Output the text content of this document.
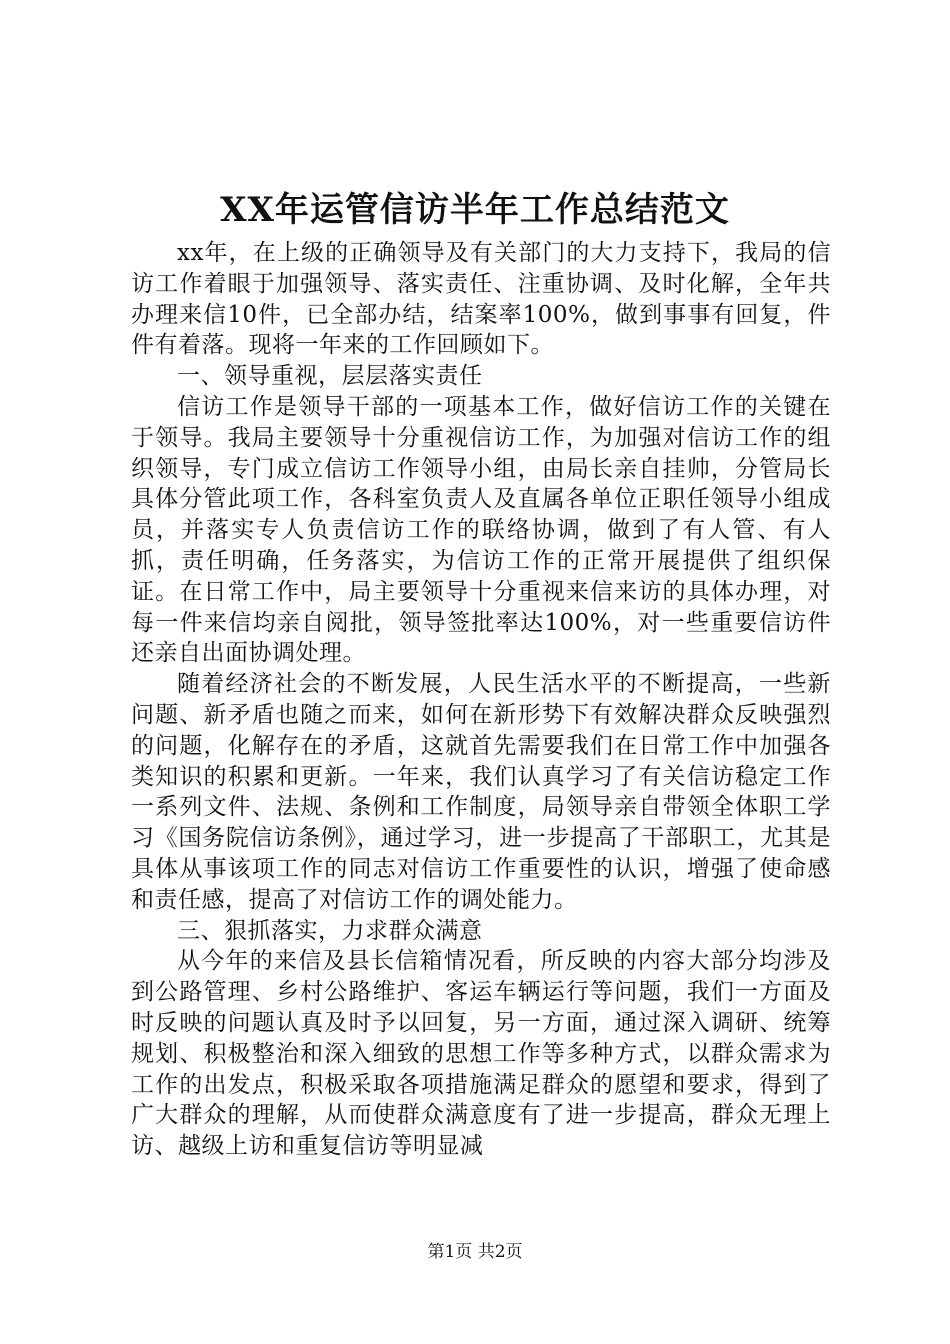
XX年运管信访半年工作总结范文

xx年，在上级的正确领导及有关部门的大力支持下，我局的信访工作着眼于加强领导、落实责任、注重协调、及时化解，全年共办理来信10件，已全部办结，结案率100%，做到事事有回复，件件有着落。现将一年来的工作回顾如下。

一、领导重视，层层落实责任

信访工作是领导干部的一项基本工作，做好信访工作的关键在于领导。我局主要领导十分重视信访工作，为加强对信访工作的组织领导，专门成立信访工作领导小组，由局长亲自挂帅，分管局长具体分管此项工作，各科室负责人及直属各单位正职任领导小组成员，并落实专人负责信访工作的联络协调，做到了有人管、有人抓，责任明确，任务落实，为信访工作的正常开展提供了组织保证。在日常工作中，局主要领导十分重视来信来访的具体办理，对每一件来信均亲自阅批，领导签批率达100%，对一些重要信访件还亲自出面协调处理。

随着经济社会的不断发展，人民生活水平的不断提高，一些新问题、新矛盾也随之而来，如何在新形势下有效解决群众反映强烈的问题，化解存在的矛盾，这就首先需要我们在日常工作中加强各类知识的积累和更新。一年来，我们认真学习了有关信访稳定工作一系列文件、法规、条例和工作制度，局领导亲自带领全体职工学习《国务院信访条例》，通过学习，进一步提高了干部职工，尤其是具体从事该项工作的同志对信访工作重要性的认识，增强了使命感和责任感，提高了对信访工作的调处能力。

三、狠抓落实，力求群众满意

从今年的来信及县长信箱情况看，所反映的内容大部分均涉及到公路管理、乡村公路维护、客运车辆运行等问题，我们一方面及时反映的问题认真及时予以回复，另一方面，通过深入调研、统筹规划、积极整治和深入细致的思想工作等多种方式，以群众需求为工作的出发点，积极采取各项措施满足群众的愿望和要求，得到了广大群众的理解，从而使群众满意度有了进一步提高，群众无理上访、越级上访和重复信访等明显减

第1页 共2页
